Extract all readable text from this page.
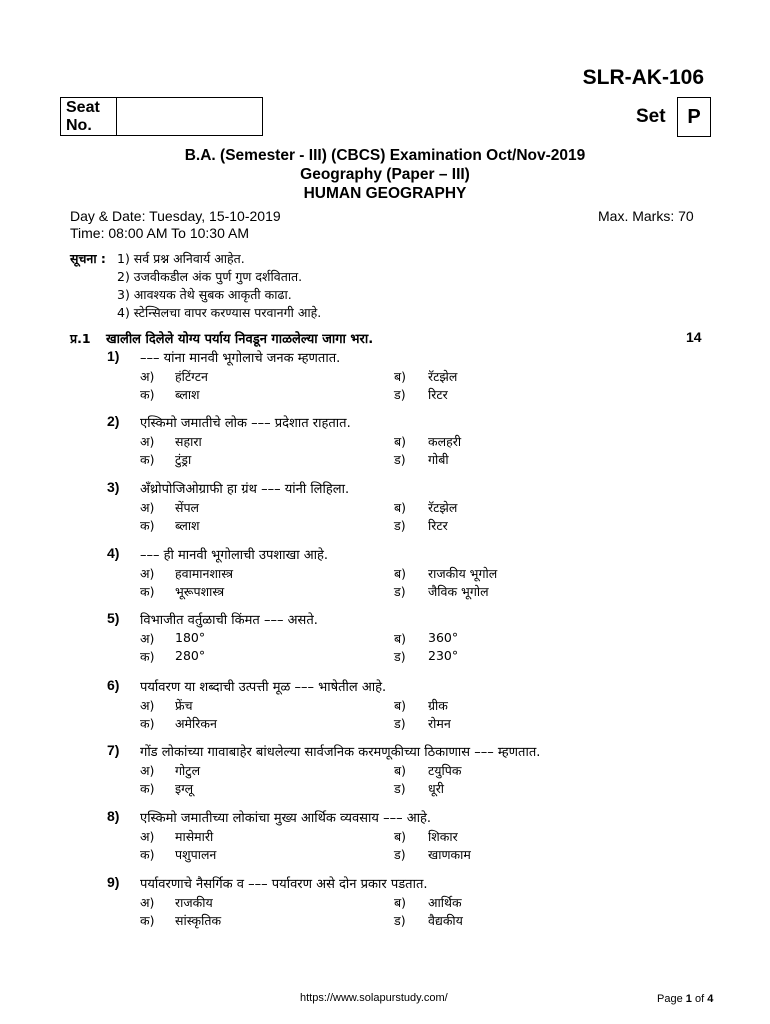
SLR-AK-106
Seat No.	Set	P
B.A. (Semester - III) (CBCS) Examination Oct/Nov-2019
Geography (Paper – III)
HUMAN GEOGRAPHY
Day & Date: Tuesday, 15-10-2019
Time: 08:00 AM To 10:30 AM
Max. Marks: 70
सूचना : 1) सर्व प्रश्न अनिवार्य आहेत.
2) उजवीकडील अंक पुर्ण गुण दर्शवितात.
3) आवश्यक तेथे सुबक आकृती काढा.
4) स्टेन्सिलचा वापर करण्यास परवानगी आहे.
प्र.1 खालील दिलेले योग्य पर्याय निवडून गाळलेल्या जागा भरा.	14
1) ––– यांना मानवी भूगोलाचे जनक म्हणतात.
अ) हंटिंग्टन	ब) रॅटझेल
क) ब्लाश	ड) रिटर
2) एस्किमो जमातीचे लोक ––– प्रदेशात राहतात.
अ) सहारा	ब) कलहरी
क) टुंड्रा	ड) गोबी
3) ॲंथ्रोपोजिओग्राफी हा ग्रंथ ––– यांनी लिहिला.
अ) सेंपल	ब) रॅटझेल
क) ब्लाश	ड) रिटर
4) ––– ही मानवी भूगोलाची उपशाखा आहे.
अ) हवामानशास्त्र	ब) राजकीय भूगोल
क) भूरूपशास्त्र	ड) जैविक भूगोल
5) विभाजीत वर्तुळाची किंमत ––– असते.
अ) 180°	ब) 360°
क) 280°	ड) 230°
6) पर्यावरण या शब्दाची उत्पत्ती मूळ ––– भाषेतील आहे.
अ) फ्रेंच	ब) ग्रीक
क) अमेरिकन	ड) रोमन
7) गोंड लोकांच्या गावाबाहेर बांधलेल्या सार्वजनिक करमणूकीच्या ठिकाणास ––– म्हणतात.
अ) गोटुल	ब) टयुपिक
क) इग्लू	ड) धूरी
8) एस्किमो जमातीच्या लोकांचा मुख्य आर्थिक व्यवसाय ––– आहे.
अ) मासेमारी	ब) शिकार
क) पशुपालन	ड) खाणकाम
9) पर्यावरणाचे नैसर्गिक व ––– पर्यावरण असे दोन प्रकार पडतात.
अ) राजकीय	ब) आर्थिक
क) सांस्कृतिक	ड) वैद्यकीय
https://www.solapurstudy.com/	Page 1 of 4
